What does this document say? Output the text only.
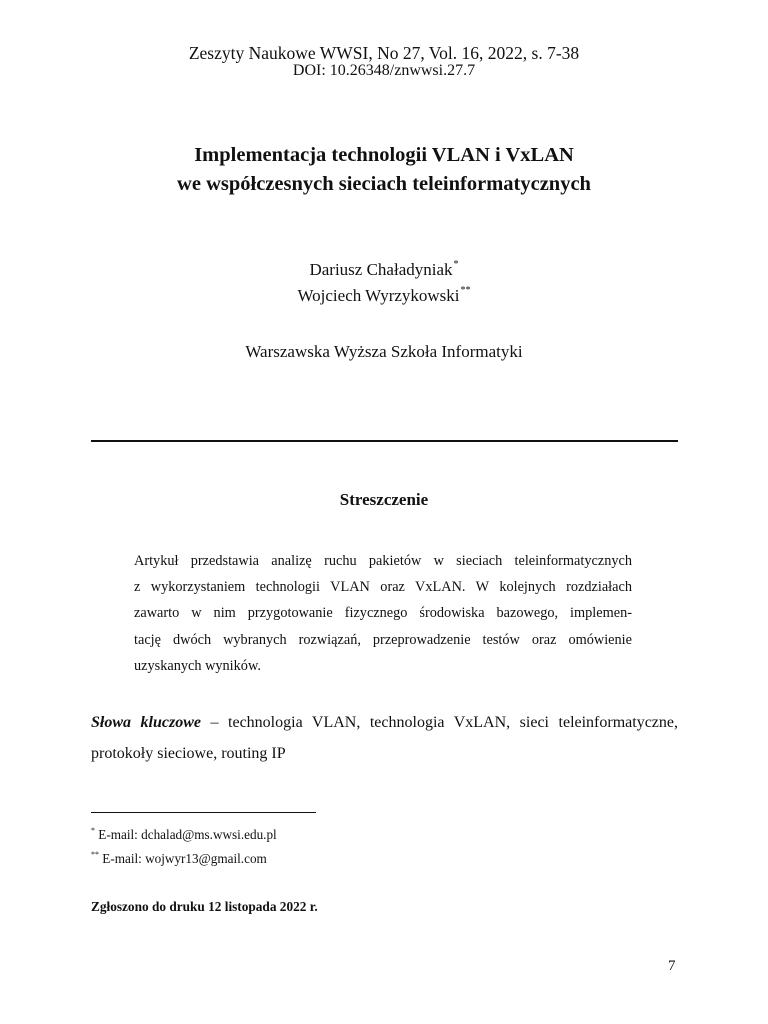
Zeszyty Naukowe WWSI, No 27, Vol. 16, 2022, s. 7-38
DOI: 10.26348/znwwsi.27.7
Implementacja technologii VLAN i VxLAN
we współczesnych sieciach teleinformatycznych
Dariusz Chaładyniak*
Wojciech Wyrzykowski**
Warszawska Wyższa Szkoła Informatyki
Streszczenie
Artykuł przedstawia analizę ruchu pakietów w sieciach teleinformatycznych
z wykorzystaniem technologii VLAN oraz VxLAN. W kolejnych rozdziałach
zawarto w nim przygotowanie fizycznego środowiska bazowego, implemen-
tację dwóch wybranych rozwiązań, przeprowadzenie testów oraz omówienie
uzyskanych wyników.
Słowa kluczowe – technologia VLAN, technologia VxLAN, sieci teleinformatyczne,
protokoły sieciowe, routing IP
* E-mail: dchalad@ms.wwsi.edu.pl
** E-mail: wojwyr13@gmail.com
Zgłoszono do druku 12 listopada 2022 r.
7
